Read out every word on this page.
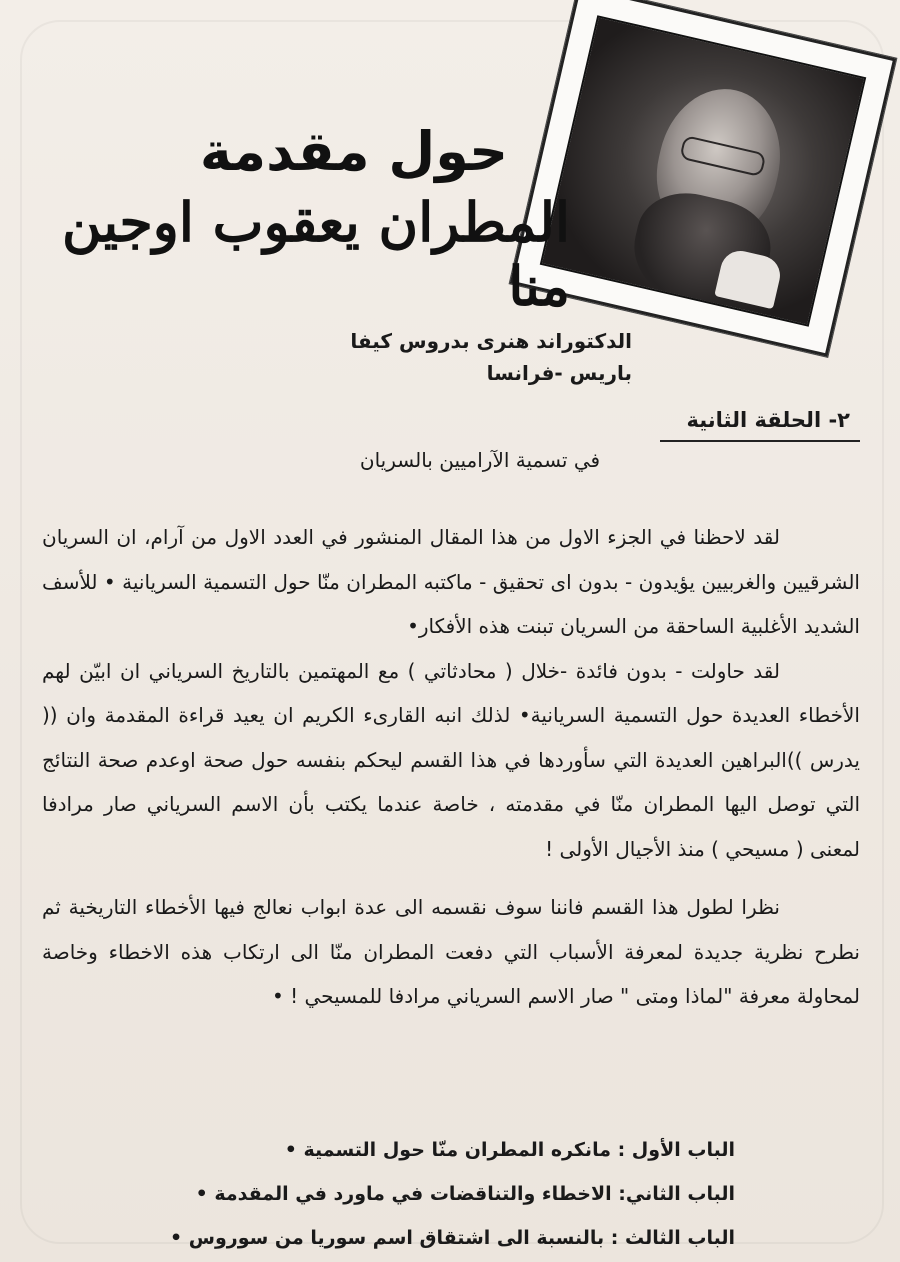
حول مقدمة
المطران يعقوب اوجين منا
الدكتوراند هنرى بدروس كيفا
باريس -فرانسا
٢- الحلقة الثانية
في تسمية الآراميين بالسريان

لقد لاحظنا في الجزء الاول من هذا المقال المنشور في العدد الاول من آرام، ان السريان الشرقيين والغربيين يؤيدون - بدون اى تحقيق - ماكتبه المطران منّا حول التسمية السريانية • للأسف الشديد الأغلبية الساحقة من السريان تبنت هذه الأفكار•

لقد حاولت - بدون فائدة -خلال ( محادثاتي ) مع المهتمين بالتاريخ السرياني ان ابيّن لهم الأخطاء العديدة حول التسمية السريانية• لذلك انبه القارىء الكريم ان يعيد قراءة المقدمة وان (( يدرس ))البراهين العديدة التي سأوردها في هذا القسم ليحكم بنفسه حول صحة اوعدم صحة النتائج التي توصل اليها المطران منّا في مقدمته ، خاصة عندما يكتب بأن الاسم السرياني صار مرادفا لمعنى ( مسيحي ) منذ الأجيال الأولى !

نظرا لطول هذا القسم فاننا سوف نقسمه الى عدة ابواب نعالج فيها الأخطاء التاريخية ثم نطرح نظرية جديدة لمعرفة الأسباب التي دفعت المطران منّا الى ارتكاب هذه الاخطاء وخاصة لمحاولة معرفة "لماذا ومتى " صار الاسم السرياني مرادفا للمسيحي ! •

الباب الأول : مانكره المطران منّا حول التسمية •
الباب الثاني: الاخطاء والتناقضات في ماورد في المقدمة •
الباب الثالث : بالنسبة الى اشتقاق اسم سوريا من سوروس •
